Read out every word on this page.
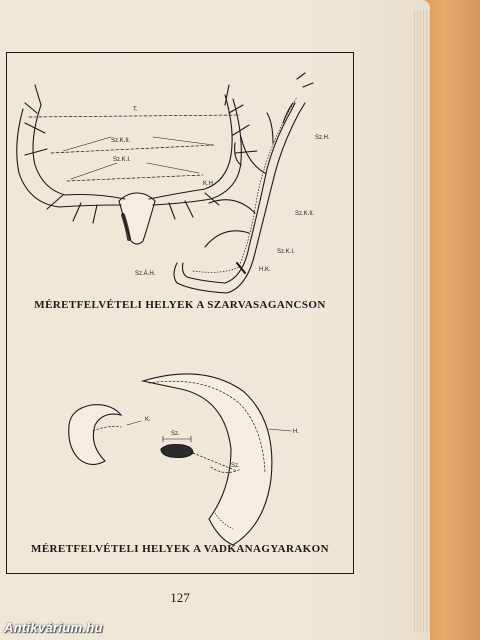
T.
Sz.K.II.
Sz.K.I.
Sz.H.
K.H.
Sz.K.II.
Sz.K.I.
H.K.
Sz.Á.H.
K.
Sz.	H.
Sz.
MÉRETFELVÉTELI HELYEK A SZARVASAGANCSON
MÉRETFELVÉTELI HELYEK A VADKANAGYARAKON
127
Antikvárium.hu
